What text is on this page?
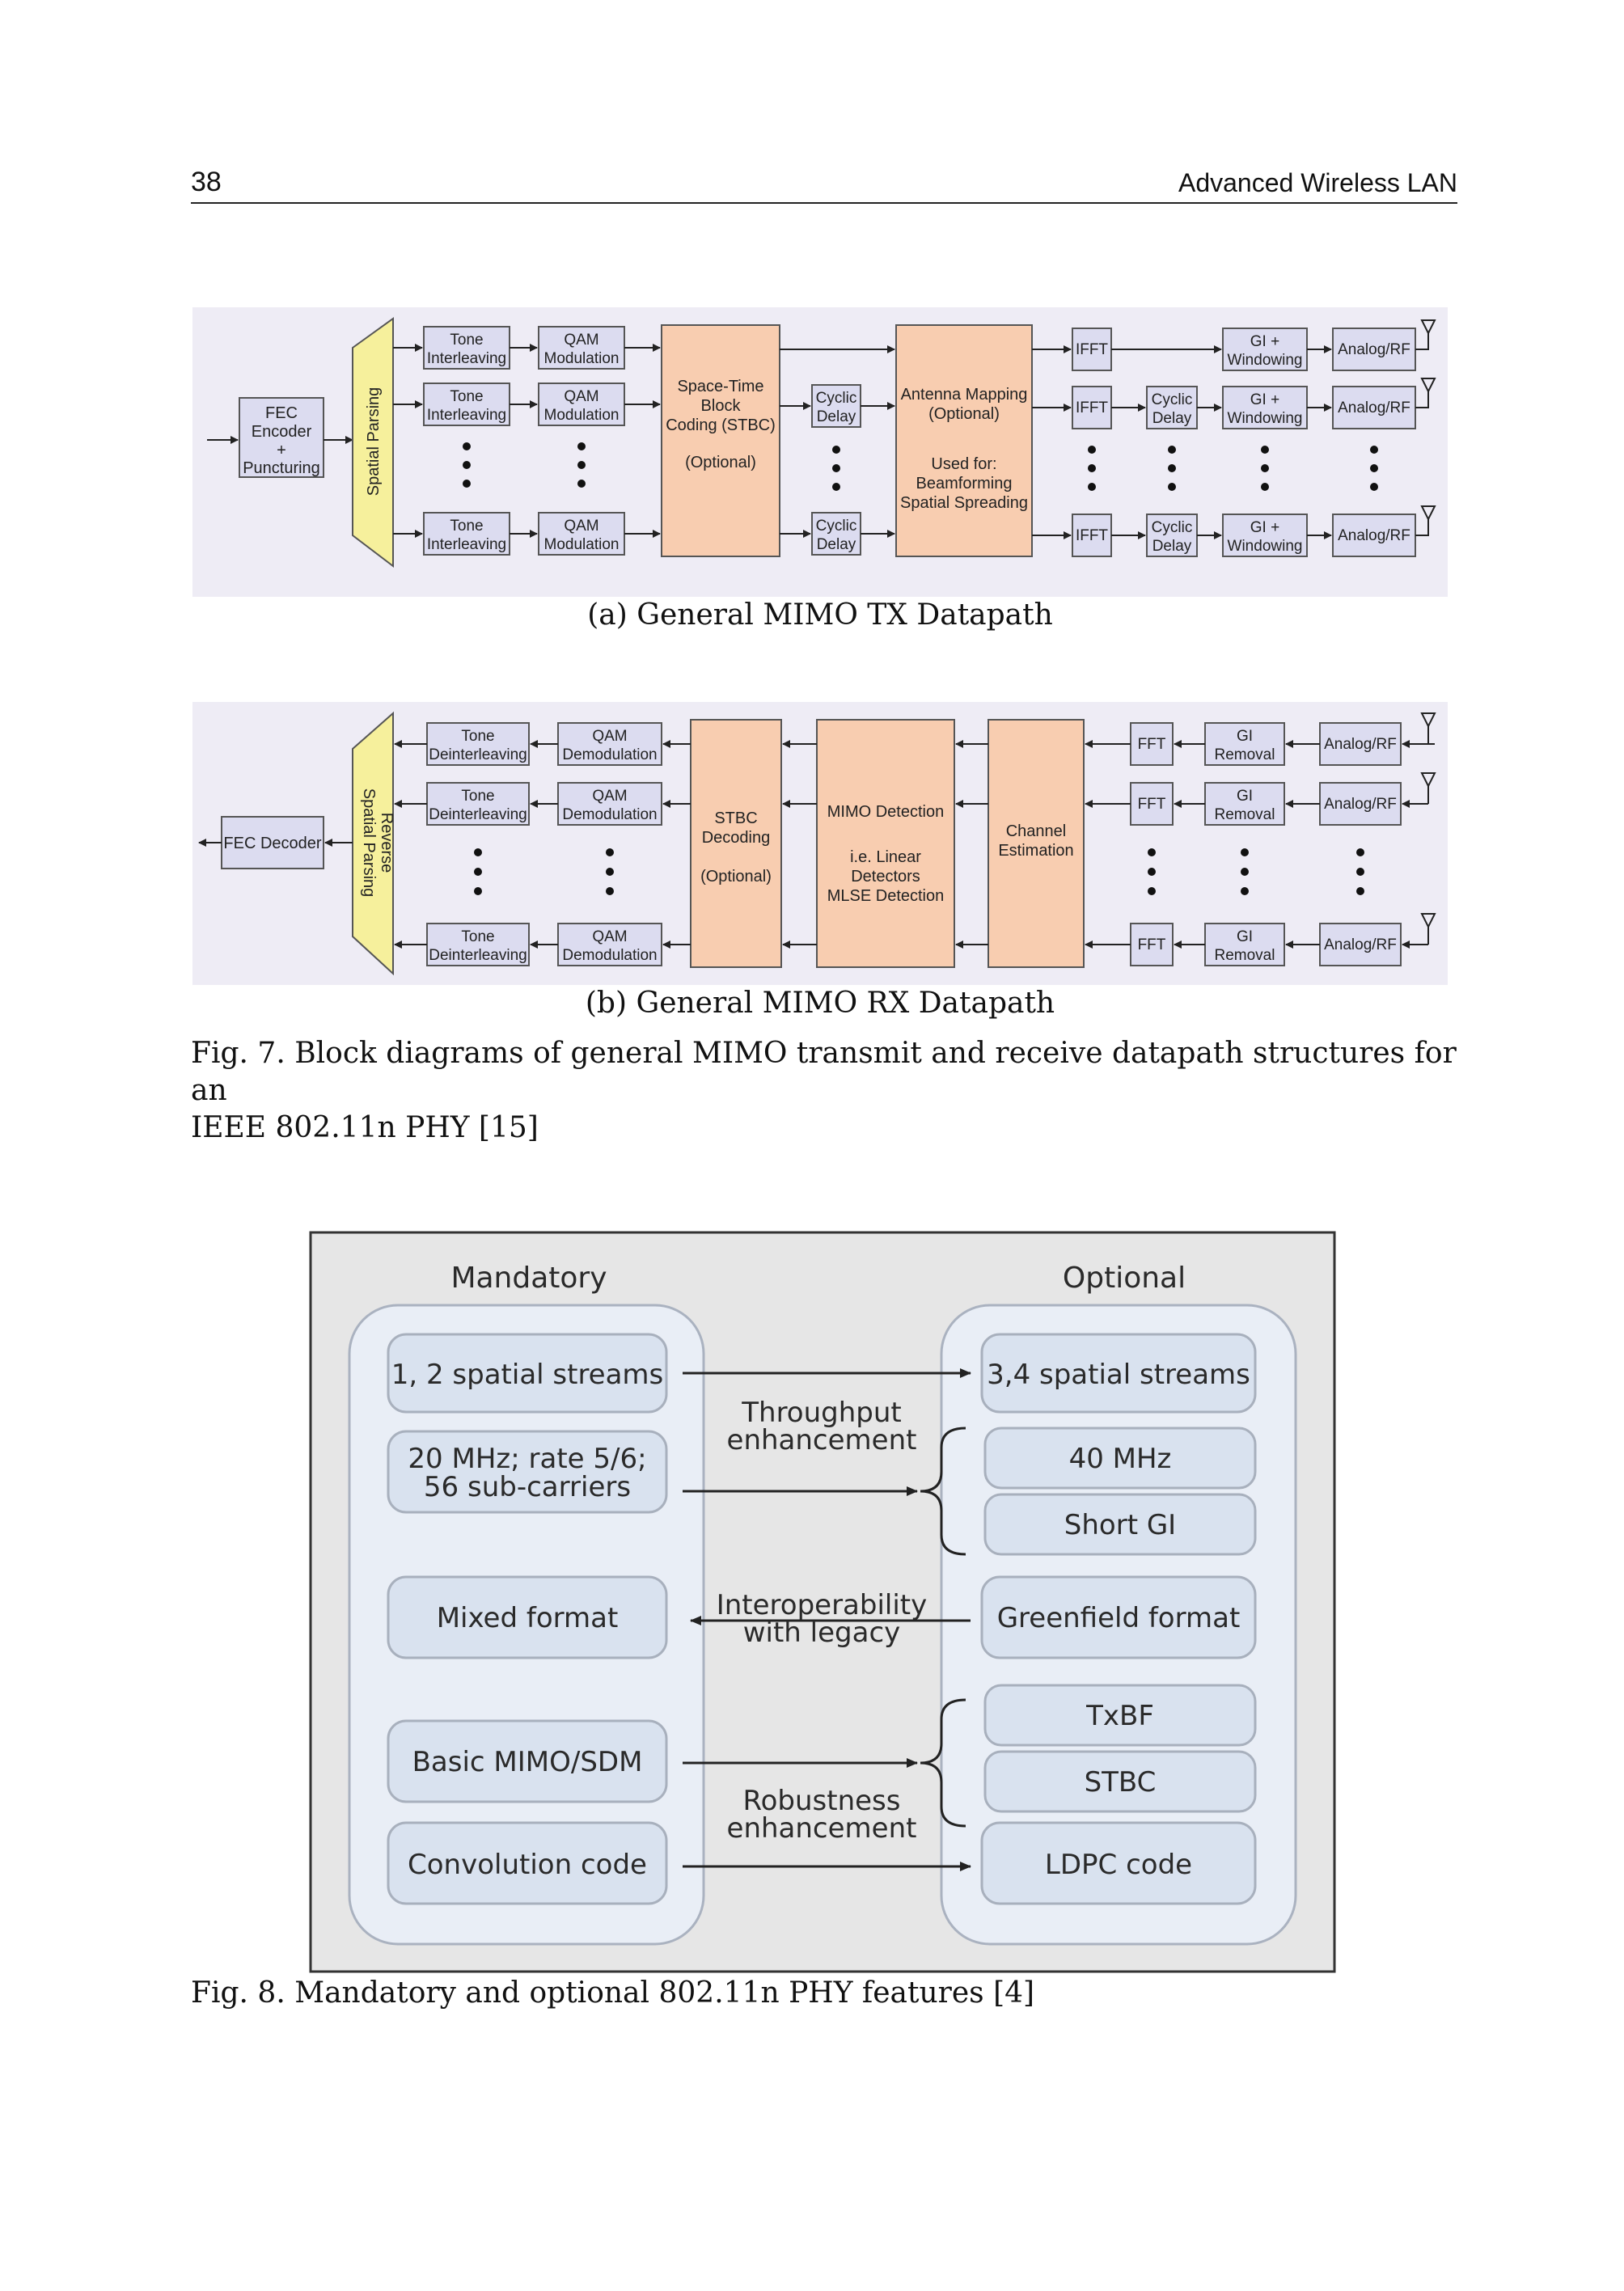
38	Advanced Wireless LAN
FEC
Encoder
+
Puncturing	Spatial Parsing
Tone
Interleaving
Tone
Interleaving
Tone
Interleaving
QAM
Modulation
QAM
Modulation
QAM
Modulation
Space-Time
Block
Coding (STBC)
(Optional)
Cyclic
Delay
Cyclic
Delay
Antenna Mapping
(Optional)
Used for:
Beamforming
Spatial Spreading
IFFT
IFFT
IFFT
Cyclic
Delay
Cyclic
Delay
GI +
Windowing
GI +
Windowing
GI +
Windowing
Analog/RF
Analog/RF
Analog/RF
(a) General MIMO TX Datapath
Analog/RF
Analog/RF
Analog/RF
GI
Removal
GI
Removal
GI
Removal
FFT
FFT
FFT
Channel
Estimation
MIMO Detection
i.e. Linear
Detectors
MLSE Detection
STBC
Decoding
(Optional)
QAM
Demodulation
QAM
Demodulation
QAM
Demodulation
Tone
Deinterleaving
Tone
Deinterleaving
Tone
Deinterleaving
Reverse
Spatial Parsing
FEC Decoder
(b) General MIMO RX Datapath
Fig. 7. Block diagrams of general MIMO transmit and receive datapath structures for an
IEEE 802.11n PHY [15]
Mandatory	Optional
1, 2 spatial streams
20 MHz; rate 5/6;
56 sub-carriers
Mixed format
Basic MIMO/SDM
Convolution code
3,4 spatial streams
40 MHz
Short GI
Greenfield format
TxBF
STBC
LDPC code
Throughput
enhancement
Interoperability
with legacy
Robustness
enhancement
Fig. 8. Mandatory and optional 802.11n PHY features [4]
